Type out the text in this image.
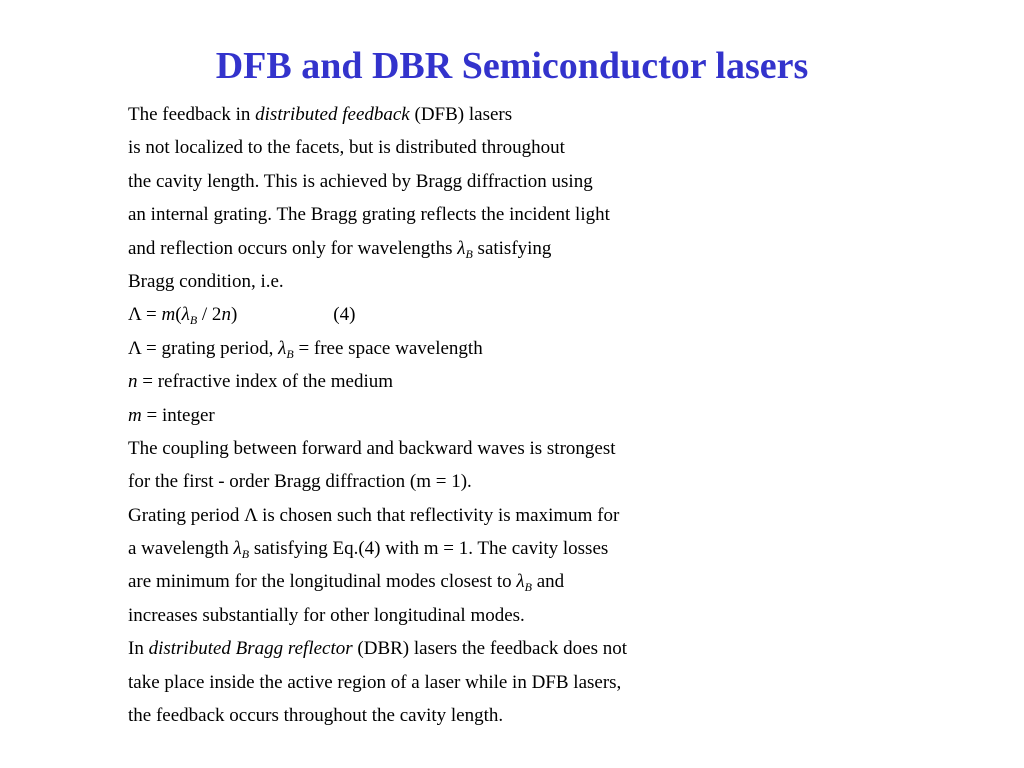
DFB and DBR Semiconductor lasers
The feedback in distributed feedback (DFB) lasers
is not localized to the facets, but is distributed throughout
the cavity length. This is achieved by Bragg diffraction using
an internal grating. The Bragg grating reflects the incident light
and reflection occurs only for wavelengths $\lambda_B$ satisfying
Bragg condition, i.e.
$\Lambda = m(\lambda_B / 2n)$	(4)
Λ = grating period, $\lambda_B$ = free space wavelength
n = refractive index of the medium
m = integer
The coupling between forward and backward waves is strongest
for the first - order Bragg diffraction (m = 1).
Grating period Λ is chosen such that reflectivity is maximum for
a wavelength $\lambda_B$ satisfying Eq.(4) with m = 1. The cavity losses
are minimum for the longitudinal modes closest to $\lambda_B$ and
increases substantially for other longitudinal modes.
In distributed Bragg reflector (DBR) lasers the feedback does not
take place inside the active region of a laser while in DFB lasers,
the feedback occurs throughout the cavity length.
